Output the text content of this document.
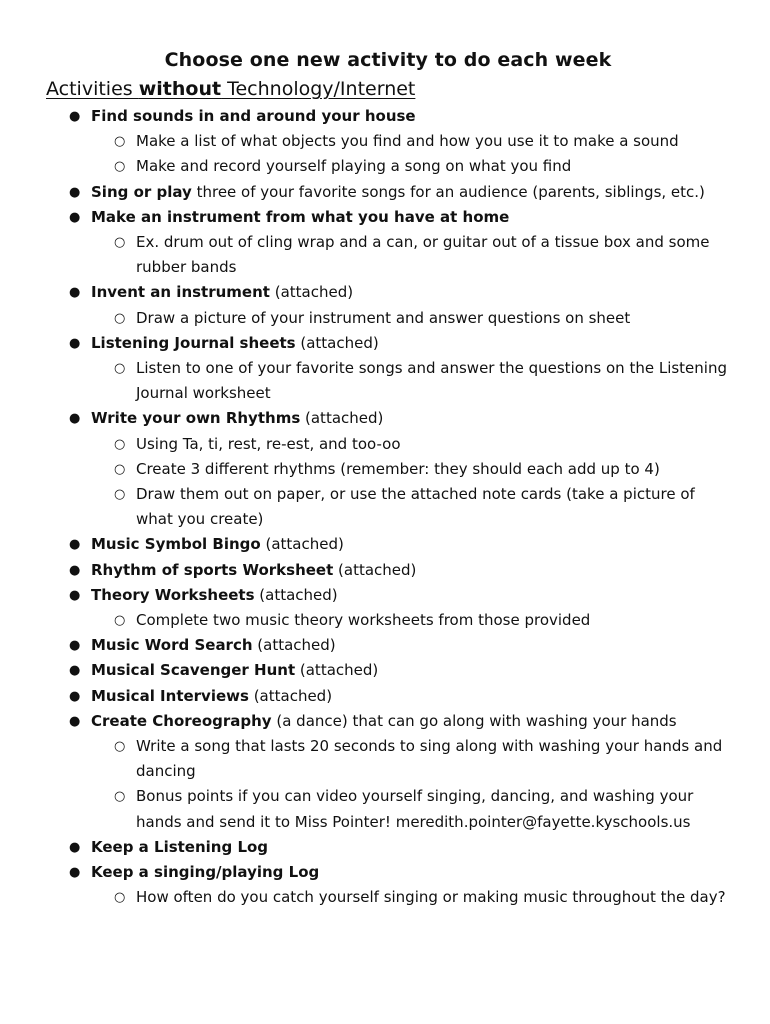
Choose one new activity to do each week
Activities without Technology/Internet
● Find sounds in and around your house
○ Make a list of what objects you find and how you use it to make a sound
○ Make and record yourself playing a song on what you find
● Sing or play three of your favorite songs for an audience (parents, siblings, etc.)
● Make an instrument from what you have at home
○ Ex. drum out of cling wrap and a can, or guitar out of a tissue box and some rubber bands
● Invent an instrument (attached)
○ Draw a picture of your instrument and answer questions on sheet
● Listening Journal sheets (attached)
○ Listen to one of your favorite songs and answer the questions on the Listening Journal worksheet
● Write your own Rhythms (attached)
○ Using Ta, ti, rest, re-est, and too-oo
○ Create 3 different rhythms (remember: they should each add up to 4)
○ Draw them out on paper, or use the attached note cards (take a picture of what you create)
● Music Symbol Bingo (attached)
● Rhythm of sports Worksheet (attached)
● Theory Worksheets (attached)
○ Complete two music theory worksheets from those provided
● Music Word Search (attached)
● Musical Scavenger Hunt (attached)
● Musical Interviews (attached)
● Create Choreography (a dance) that can go along with washing your hands
○ Write a song that lasts 20 seconds to sing along with washing your hands and dancing
○ Bonus points if you can video yourself singing, dancing, and washing your hands and send it to Miss Pointer! meredith.pointer@fayette.kyschools.us
● Keep a Listening Log
● Keep a singing/playing Log
○ How often do you catch yourself singing or making music throughout the day?
